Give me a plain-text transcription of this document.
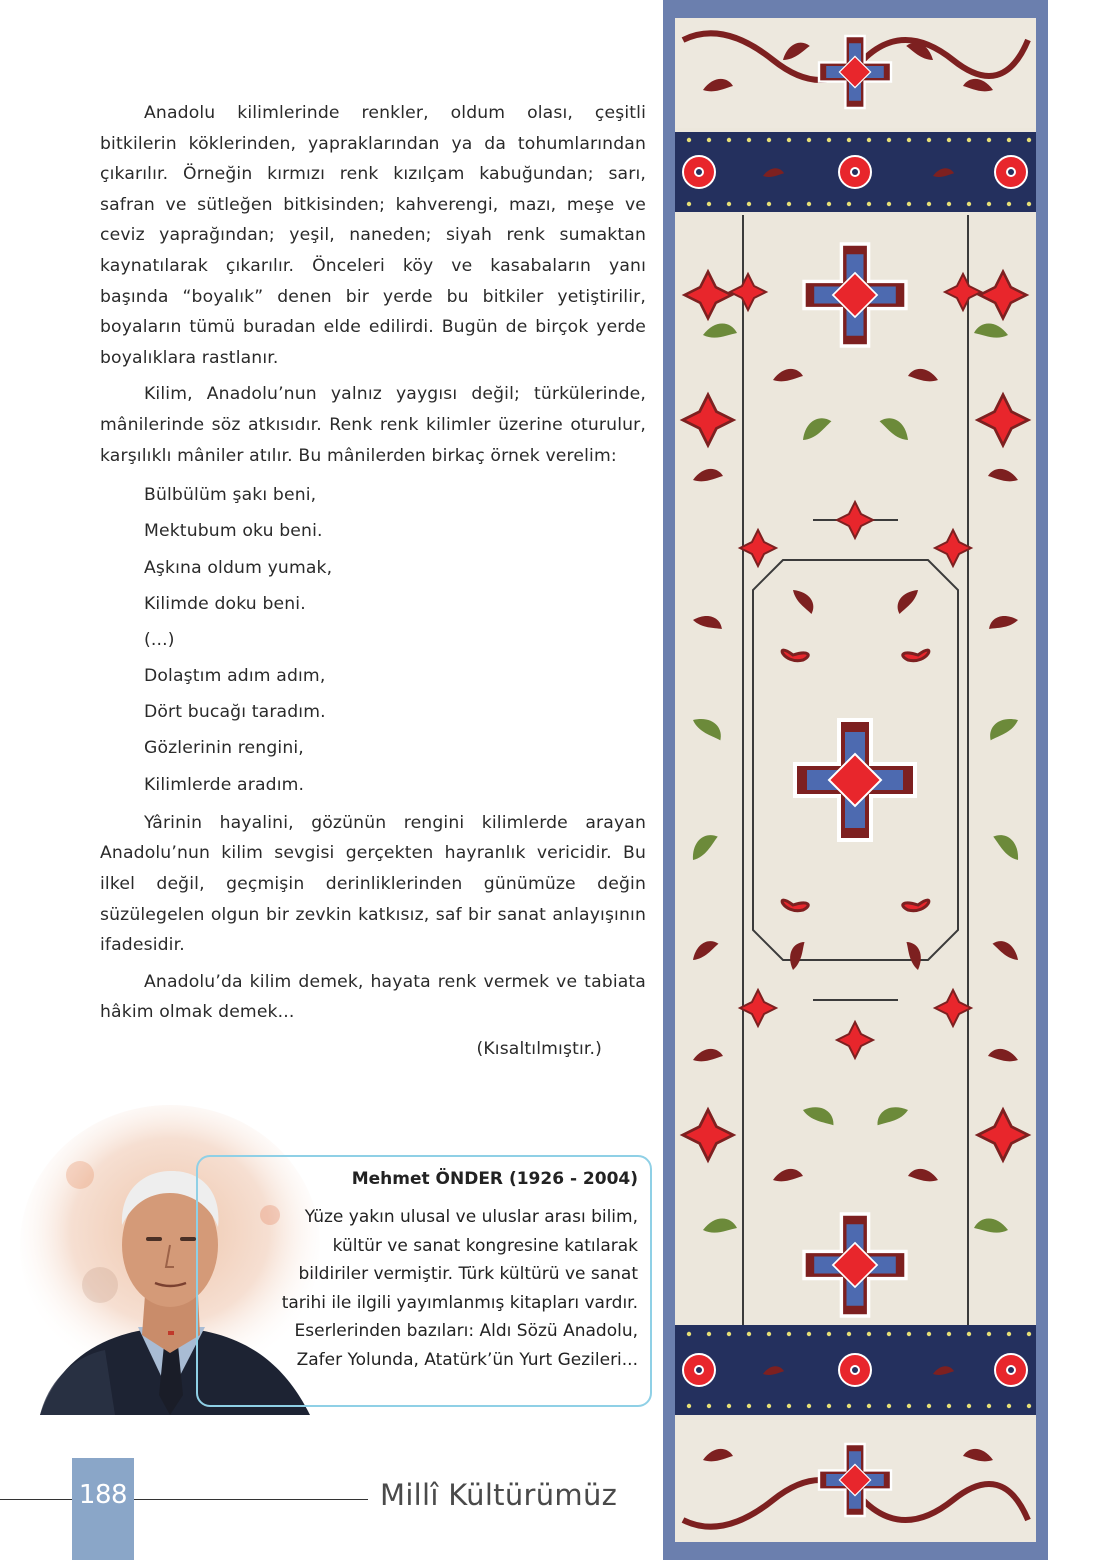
Anadolu kilimlerinde renkler, oldum olası, çeşitli bitkilerin köklerinden, yapraklarından ya da tohumlarından çıkarılır. Örneğin kırmızı renk kızılçam kabuğundan; sarı, safran ve sütleğen bitkisinden; kahverengi, mazı, meşe ve ceviz yaprağından; yeşil, naneden; siyah renk sumaktan kaynatılarak çıkarılır. Önceleri köy ve kasabaların yanı başında “boyalık” denen bir yerde bu bitkiler yetiştirilir, boyaların tümü buradan elde edilirdi. Bugün de birçok yerde boyalıklara rastlanır.

Kilim, Anadolu’nun yalnız yaygısı değil; türkülerinde, mânilerinde söz atkısıdır. Renk renk kilimler üzerine oturulur, karşılıklı mâniler atılır. Bu mânilerden birkaç örnek verelim:

Bülbülüm şakı beni,
Mektubum oku beni.
Aşkına oldum yumak,
Kilimde doku beni.
(...)
Dolaştım adım adım,
Dört bucağı taradım.
Gözlerinin rengini,
Kilimlerde aradım.

Yârinin hayalini, gözünün rengini kilimlerde arayan Anadolu’nun kilim sevgisi gerçekten hayranlık vericidir. Bu ilkel değil, geçmişin derinliklerinden günümüze değin süzülegelen olgun bir zevkin katkısız, saf bir sanat anlayışının ifadesidir.

Anadolu’da kilim demek, hayata renk vermek ve tabiata hâkim olmak demek...

(Kısaltılmıştır.)
Mehmet ÖNDER (1926 - 2004)
Yüze yakın ulusal ve uluslar arası bilim, kültür ve sanat kongresine katılarak bildiriler vermiştir. Türk kültürü ve sanat tarihi ile ilgili yayımlanmış kitapları vardır. Eserlerinden bazıları: Aldı Sözü Anadolu, Zafer Yolunda, Atatürk’ün Yurt Gezileri...
188	Millî Kültürümüz
